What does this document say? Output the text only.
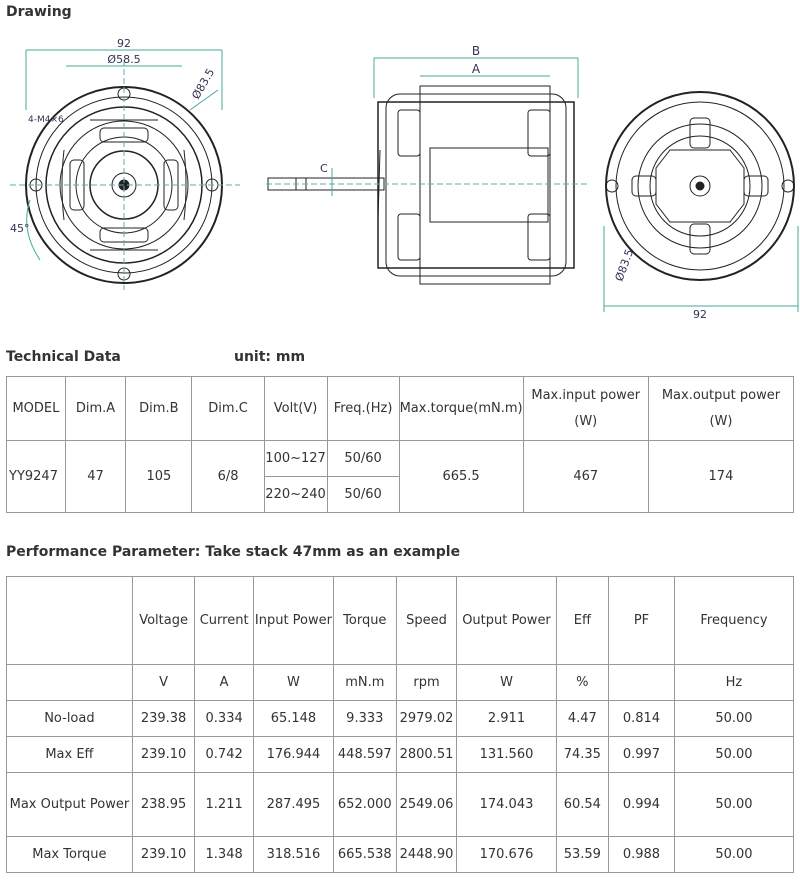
Drawing
92
Ø58.5
Ø83.5
4-M4×6
45°
B
A
C
Ø83.5
92
Technical Data	unit: mm
MODEL	Dim.A	Dim.B	Dim.C	Volt(V)	Freq.(Hz)	Max.torque(mN.m)	Max.input power (W)	Max.output power (W)
YY9247	47	105	6/8	100~127	50/60	665.5	467	174
				220~240	50/60			
Performance Parameter: Take stack 47mm as an example
	Voltage	Current	Input Power	Torque	Speed	Output Power	Eff	PF	Frequency
	V	A	W	mN.m	rpm	W	%		Hz
No-load	239.38	0.334	65.148	9.333	2979.02	2.911	4.47	0.814	50.00
Max Eff	239.10	0.742	176.944	448.597	2800.51	131.560	74.35	0.997	50.00
Max Output Power	238.95	1.211	287.495	652.000	2549.06	174.043	60.54	0.994	50.00
Max Torque	239.10	1.348	318.516	665.538	2448.90	170.676	53.59	0.988	50.00
